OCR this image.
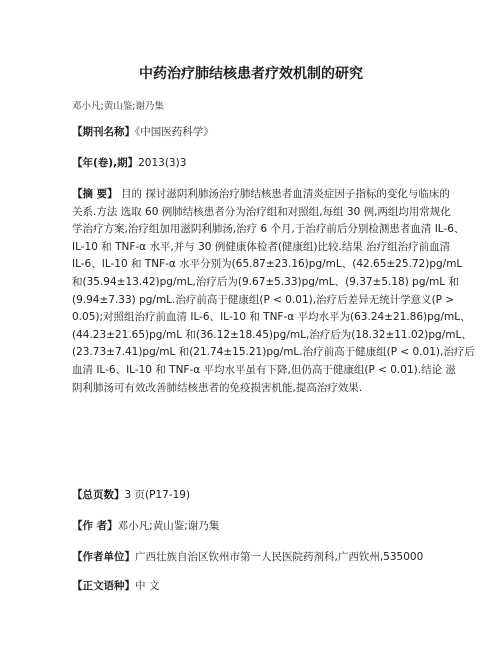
中药治疗肺结核患者疗效机制的研究
邓小凡;黄山鉴;谢乃集
【期刊名称】《中国医药科学》
【年(卷),期】2013(3)3
【摘 要】 目的 探讨滋阴利肺汤治疗肺结核患者血清炎症因子指标的变化与临床的
关系.方法 选取 60 例肺结核患者分为治疗组和对照组,每组 30 例,两组均用常规化
学治疗方案,治疗组加用滋阴利肺汤,治疗 6 个月,于治疗前后分别检测患者血清 IL-6、
IL-10 和 TNF-α 水平,并与 30 例健康体检者(健康组)比较.结果 治疗组治疗前血清
IL-6、IL-10 和 TNF-α 水平分别为(65.87±23.16)pg/mL、(42.65±25.72)pg/mL
和(35.94±13.42)pg/mL,治疗后为(9.67±5.33)pg/mL、(9.37±5.18) pg/mL 和
(9.94±7.33) pg/mL.治疗前高于健康组(P < 0.01),治疗后差异无统计学意义(P >
0.05);对照组治疗前血清 IL-6、IL-10 和 TNF-α 平均水平为(63.24±21.86)pg/mL、
(44.23±21.65)pg/mL 和(36.12±18.45)pg/mL,治疗后为(18.32±11.02)pg/mL、
(23.73±7.41)pg/mL 和(21.74±15.21)pg/mL.治疗前高于健康组(P < 0.01),治疗后
血清 IL-6、IL-10 和 TNF-α 平均水平虽有下降,但仍高于健康组(P < 0.01).结论 滋
阴利肺汤可有效改善肺结核患者的免疫损害机能,提高治疗效果.
【总页数】3 页(P17-19)
【作 者】邓小凡;黄山鉴;谢乃集
【作者单位】广西壮族自治区钦州市第一人民医院药剂科,广西钦州,535000
【正文语种】中 文
